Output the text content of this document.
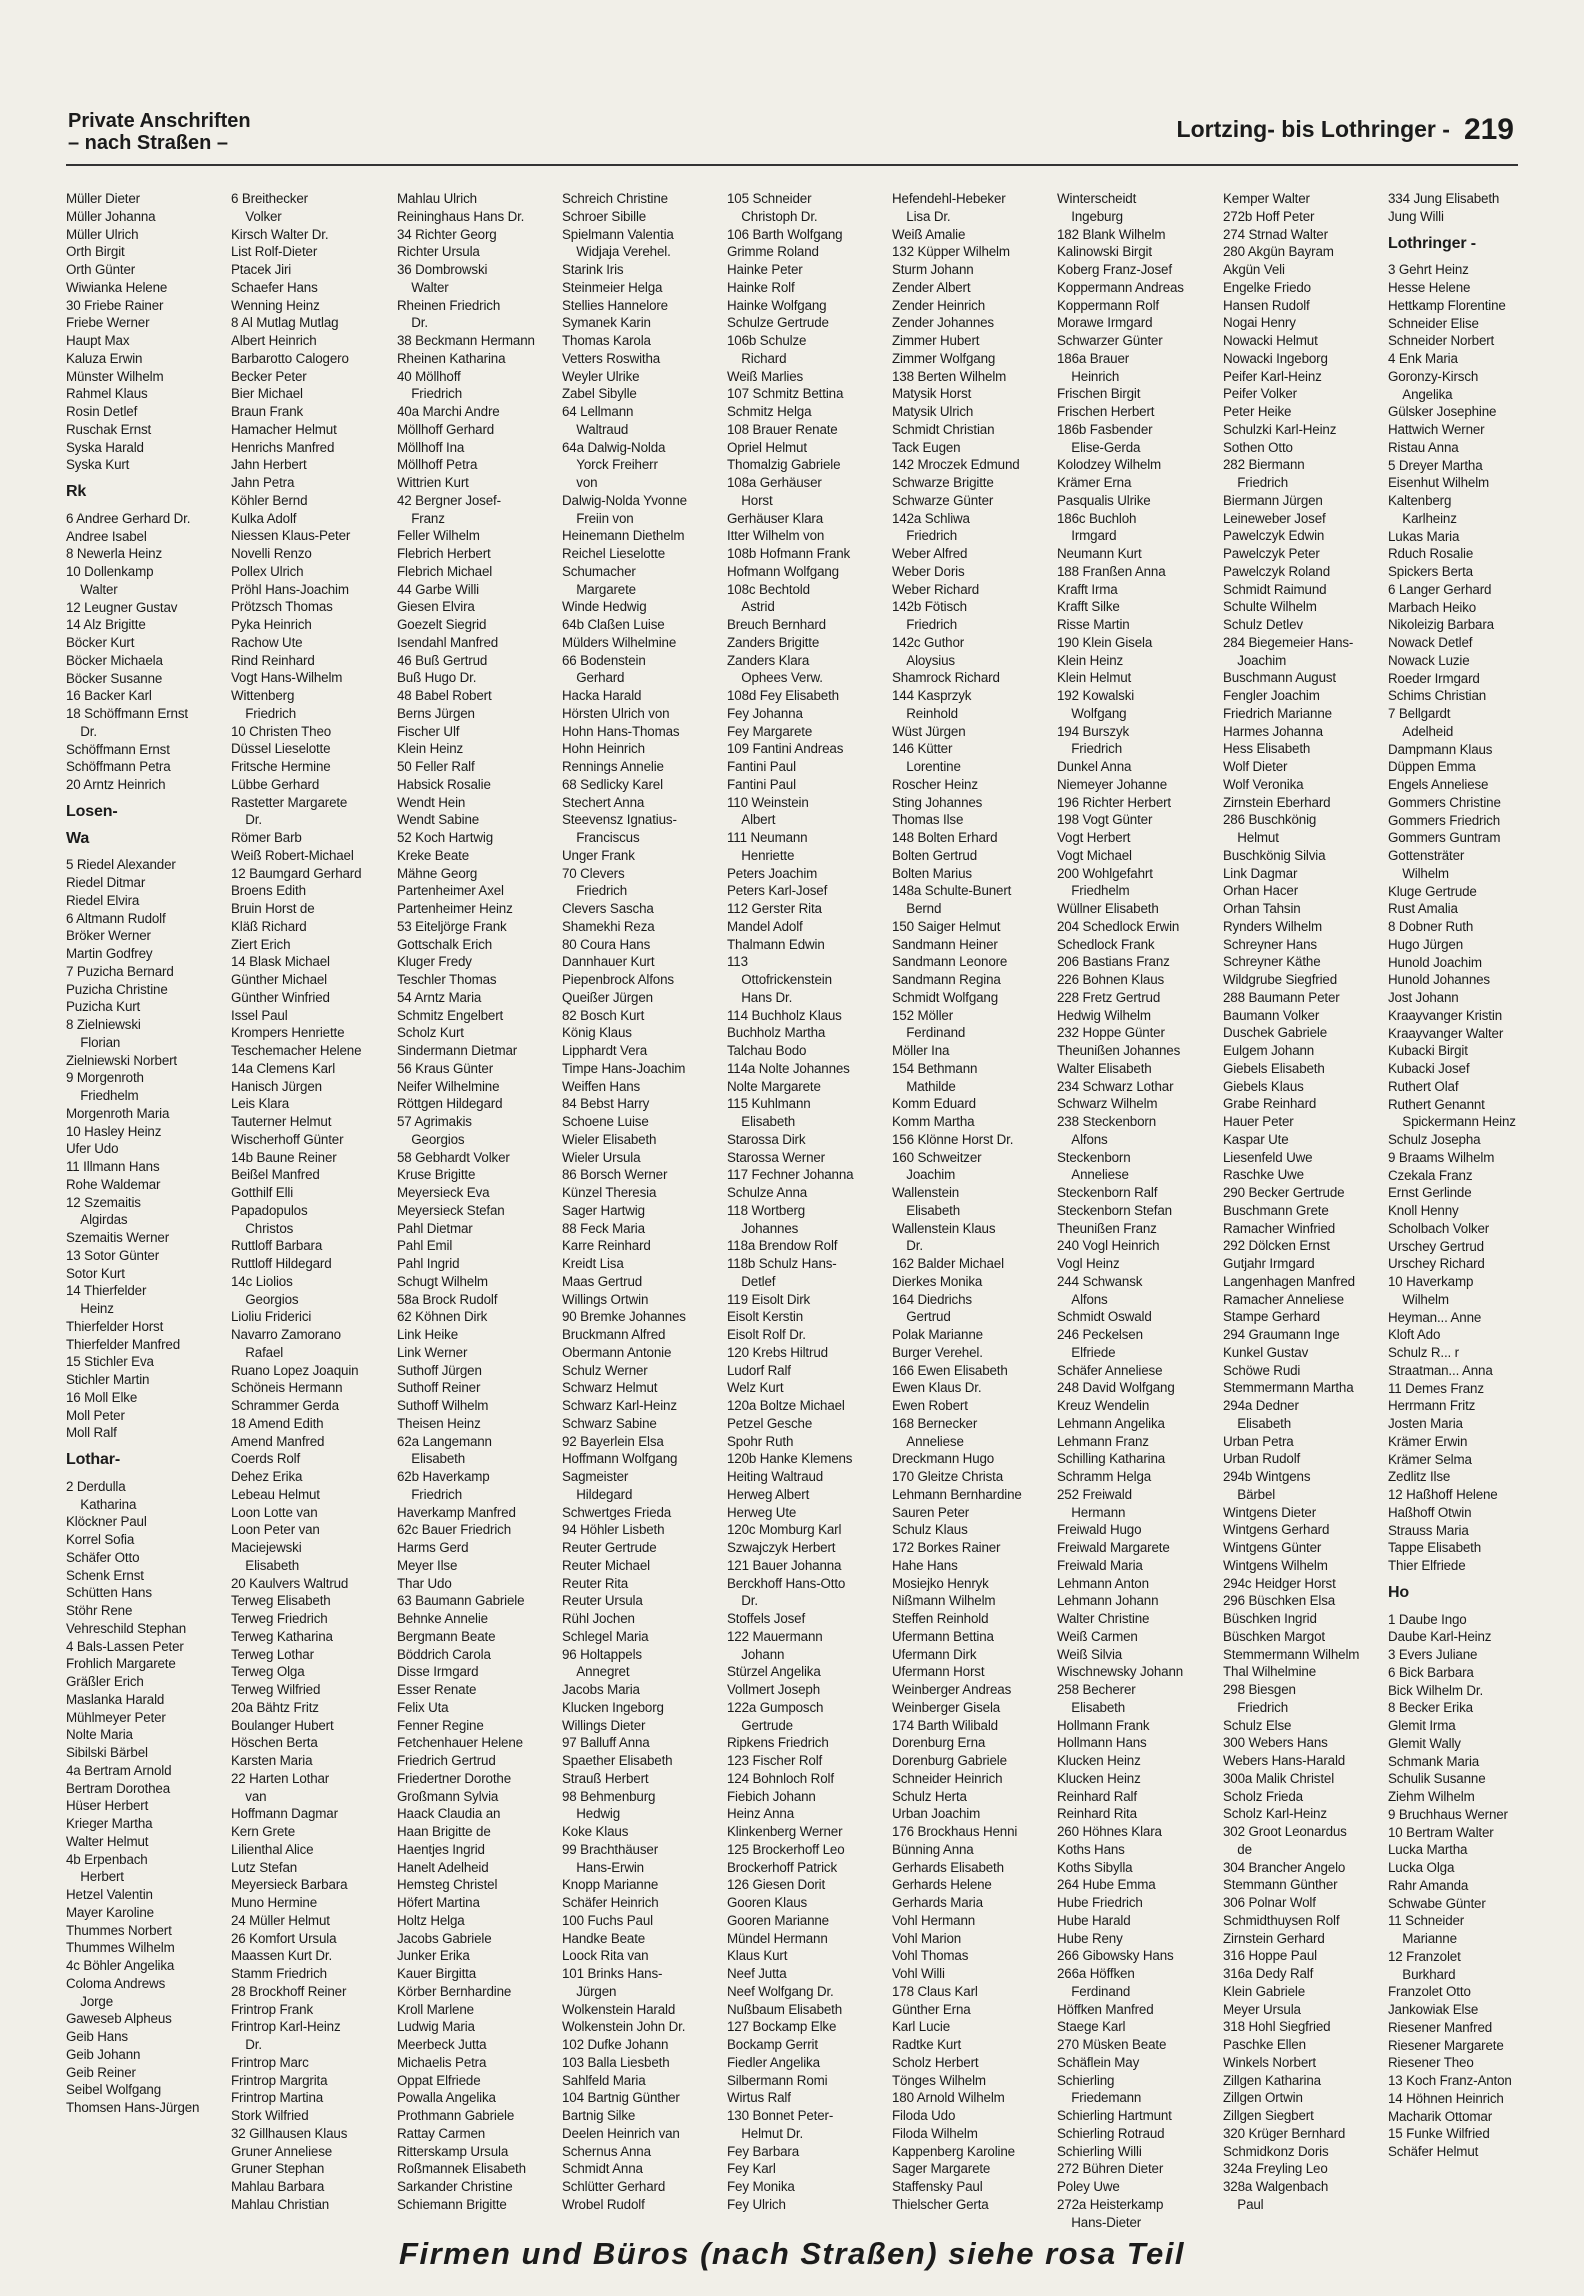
Private Anschriften
– nach Straßen –
Lortzing- bis Lothringer - 219
Müller Dieter
Müller Johanna
Müller Ulrich
Orth Birgit
Orth Günter
Wiwianka Helene
30 Friebe Rainer
Friebe Werner
Haupt Max
Kaluza Erwin
Münster Wilhelm
Rahmel Klaus
Rosin Detlef
Ruschak Ernst
Syska Harald
Syska Kurt
Rk
6 Andree Gerhard Dr.
Andree Isabel
8 Newerla Heinz
10 Dollenkamp
Walter
12 Leugner Gustav
14 Alz Brigitte
Böcker Kurt
Böcker Michaela
Böcker Susanne
16 Backer Karl
18 Schöffmann Ernst
Dr.
Schöffmann Ernst
Schöffmann Petra
20 Arntz Heinrich
Losen-
Wa
5 Riedel Alexander
Riedel Ditmar
Riedel Elvira
6 Altmann Rudolf
Bröker Werner
Martin Godfrey
7 Puzicha Bernard
Puzicha Christine
Puzicha Kurt
8 Zielniewski
Florian
Zielniewski Norbert
9 Morgenroth
Friedhelm
Morgenroth Maria
10 Hasley Heinz
Ufer Udo
11 Illmann Hans
Rohe Waldemar
12 Szemaitis
Algirdas
Szemaitis Werner
13 Sotor Günter
Sotor Kurt
14 Thierfelder
Heinz
Thierfelder Horst
Thierfelder Manfred
15 Stichler Eva
Stichler Martin
16 Moll Elke
Moll Peter
Moll Ralf
Lothar-
2 Derdulla
Katharina
Klöckner Paul
Korrel Sofia
Schäfer Otto
Schenk Ernst
Schütten Hans
Stöhr Rene
Vehreschild Stephan
4 Bals-Lassen Peter
Frohlich Margarete
Gräßler Erich
Maslanka Harald
Mühlmeyer Peter
Nolte Maria
Sibilski Bärbel
4a Bertram Arnold
Bertram Dorothea
Hüser Herbert
Krieger Martha
Walter Helmut
4b Erpenbach
Herbert
Hetzel Valentin
Mayer Karoline
Thummes Norbert
Thummes Wilhelm
4c Böhler Angelika
Coloma Andrews
Jorge
Gaweseb Alpheus
Geib Hans
Geib Johann
Geib Reiner
Seibel Wolfgang
Thomsen Hans-Jürgen
6 Breithecker
Volker
Kirsch Walter Dr.
List Rolf-Dieter
Ptacek Jiri
Schaefer Hans
Wenning Heinz
8 Al Mutlag Mutlag
Albert Heinrich
Barbarotto Calogero
Becker Peter
Bier Michael
Braun Frank
Hamacher Helmut
Henrichs Manfred
Jahn Herbert
Jahn Petra
Köhler Bernd
Kulka Adolf
Niessen Klaus-Peter
Novelli Renzo
Pollex Ulrich
Pröhl Hans-Joachim
Prötzsch Thomas
Pyka Heinrich
Rachow Ute
Rind Reinhard
Vogt Hans-Wilhelm
Wittenberg
Friedrich
10 Christen Theo
Düssel Lieselotte
Fritsche Hermine
Lübbe Gerhard
Rastetter Margarete
Dr.
Römer Barb
Weiß Robert-Michael
12 Baumgard Gerhard
Broens Edith
Bruin Horst de
Kläß Richard
Ziert Erich
14 Blask Michael
Günther Michael
Günther Winfried
Issel Paul
Krompers Henriette
Teschemacher Helene
14a Clemens Karl
Hanisch Jürgen
Leis Klara
Tauterner Helmut
Wischerhoff Günter
14b Baune Reiner
Beißel Manfred
Gotthilf Elli
Papadopulos
Christos
Ruttloff Barbara
Ruttloff Hildegard
14c Liolios
Georgios
Lioliu Friderici
Navarro Zamorano
Rafael
Ruano Lopez Joaquin
Schöneis Hermann
Schrammer Gerda
18 Amend Edith
Amend Manfred
Coerds Rolf
Dehez Erika
Lebeau Helmut
Loon Lotte van
Loon Peter van
Maciejewski
Elisabeth
20 Kaulvers Waltrud
Terweg Elisabeth
Terweg Friedrich
Terweg Katharina
Terweg Lothar
Terweg Olga
Terweg Wilfried
20a Bähtz Fritz
Boulanger Hubert
Höschen Berta
Karsten Maria
22 Harten Lothar
van
Hoffmann Dagmar
Kern Grete
Lilienthal Alice
Lutz Stefan
Meyersieck Barbara
Muno Hermine
24 Müller Helmut
26 Komfort Ursula
Maassen Kurt Dr.
Stamm Friedrich
28 Brockhoff Reiner
Frintrop Frank
Frintrop Karl-Heinz
Dr.
Frintrop Marc
Frintrop Margrita
Frintrop Martina
Stork Wilfried
32 Gillhausen Klaus
Gruner Anneliese
Gruner Stephan
Mahlau Barbara
Mahlau Christian
Mahlau Ulrich
Reininghaus Hans Dr.
34 Richter Georg
Richter Ursula
36 Dombrowski
Walter
Rheinen Friedrich
Dr.
38 Beckmann Hermann
Rheinen Katharina
40 Möllhoff
Friedrich
40a Marchi Andre
Möllhoff Gerhard
Möllhoff Ina
Möllhoff Petra
Wittrien Kurt
42 Bergner Josef-
Franz
Feller Wilhelm
Flebrich Herbert
Flebrich Michael
44 Garbe Willi
Giesen Elvira
Goezelt Siegrid
Isendahl Manfred
46 Buß Gertrud
Buß Hugo Dr.
48 Babel Robert
Berns Jürgen
Fischer Ulf
Klein Heinz
50 Feller Ralf
Habsick Rosalie
Wendt Hein
Wendt Sabine
52 Koch Hartwig
Kreke Beate
Mähne Georg
Partenheimer Axel
Partenheimer Heinz
53 Eiteljörge Frank
Gottschalk Erich
Kluger Fredy
Teschler Thomas
54 Arntz Maria
Schmitz Engelbert
Scholz Kurt
Sindermann Dietmar
56 Kraus Günter
Neifer Wilhelmine
Röttgen Hildegard
57 Agrimakis
Georgios
58 Gebhardt Volker
Kruse Brigitte
Meyersieck Eva
Meyersieck Stefan
Pahl Dietmar
Pahl Emil
Pahl Ingrid
Schugt Wilhelm
58a Brock Rudolf
62 Köhnen Dirk
Link Heike
Link Werner
Suthoff Jürgen
Suthoff Reiner
Suthoff Wilhelm
Theisen Heinz
62a Langemann
Elisabeth
62b Haverkamp
Friedrich
Haverkamp Manfred
62c Bauer Friedrich
Harms Gerd
Meyer Ilse
Thar Udo
63 Baumann Gabriele
Behnke Annelie
Bergmann Beate
Böddrich Carola
Disse Irmgard
Esser Renate
Felix Uta
Fenner Regine
Fetchenhauer Helene
Friedrich Gertrud
Friedertner Dorothe
Großmann Sylvia
Haack Claudia an
Haan Brigitte de
Haentjes Ingrid
Hanelt Adelheid
Hemsteg Christel
Höfert Martina
Holtz Helga
Jacobs Gabriele
Junker Erika
Kauer Birgitta
Körber Bernhardine
Kroll Marlene
Ludwig Maria
Meerbeck Jutta
Michaelis Petra
Oppat Elfriede
Powalla Angelika
Prothmann Gabriele
Rattay Carmen
Ritterskamp Ursula
Roßmannek Elisabeth
Sarkander Christine
Schiemann Brigitte
Schreich Christine
Schroer Sibille
Spielmann Valentia
Widjaja Verehel.
Starink Iris
Steinmeier Helga
Stellies Hannelore
Symanek Karin
Thomas Karola
Vetters Roswitha
Weyler Ulrike
Zabel Sibylle
64 Lellmann
Waltraud
64a Dalwig-Nolda
Yorck Freiherr
von
Dalwig-Nolda Yvonne
Freiin von
Heinemann Diethelm
Reichel Lieselotte
Schumacher
Margarete
Winde Hedwig
64b Claßen Luise
Mülders Wilhelmine
66 Bodenstein
Gerhard
Hacka Harald
Hörsten Ulrich von
Hohn Hans-Thomas
Hohn Heinrich
Rennings Annelie
68 Sedlicky Karel
Stechert Anna
Steevensz Ignatius-
Franciscus
Unger Frank
70 Clevers
Friedrich
Clevers Sascha
Shamekhi Reza
80 Coura Hans
Dannhauer Kurt
Piepenbrock Alfons
Queißer Jürgen
82 Bosch Kurt
König Klaus
Lipphardt Vera
Timpe Hans-Joachim
Weiffen Hans
84 Bebst Harry
Schoene Luise
Wieler Elisabeth
Wieler Ursula
86 Borsch Werner
Künzel Theresia
Sager Hartwig
88 Feck Maria
Karre Reinhard
Kreidt Lisa
Maas Gertrud
Willings Ortwin
90 Bremke Johannes
Bruckmann Alfred
Obermann Antonie
Schulz Werner
Schwarz Helmut
Schwarz Karl-Heinz
Schwarz Sabine
92 Bayerlein Elsa
Hoffmann Wolfgang
Sagmeister
Hildegard
Schwertges Frieda
94 Höhler Lisbeth
Reuter Gertrude
Reuter Michael
Reuter Rita
Reuter Ursula
Rühl Jochen
Schlegel Maria
96 Holtappels
Annegret
Jacobs Maria
Klucken Ingeborg
Willings Dieter
97 Balluff Anna
Spaether Elisabeth
Strauß Herbert
98 Behmenburg
Hedwig
Koke Klaus
99 Brachthäuser
Hans-Erwin
Knopp Marianne
Schäfer Heinrich
100 Fuchs Paul
Handke Beate
Loock Rita van
101 Brinks Hans-
Jürgen
Wolkenstein Harald
Wolkenstein John Dr.
102 Dufke Johann
103 Balla Liesbeth
Sahlfeld Maria
104 Bartnig Günther
Bartnig Silke
Deelen Heinrich van
Schernus Anna
Schmidt Anna
Schlütter Gerhard
Wrobel Rudolf
105 Schneider
Christoph Dr.
106 Barth Wolfgang
Grimme Roland
Hainke Peter
Hainke Rolf
Hainke Wolfgang
Schulze Gertrude
106b Schulze
Richard
Weiß Marlies
107 Schmitz Bettina
Schmitz Helga
108 Brauer Renate
Opriel Helmut
Thomalzig Gabriele
108a Gerhäuser
Horst
Gerhäuser Klara
Itter Wilhelm von
108b Hofmann Frank
Hofmann Wolfgang
108c Bechtold
Astrid
Breuch Bernhard
Zanders Brigitte
Zanders Klara
Ophees Verw.
108d Fey Elisabeth
Fey Johanna
Fey Margarete
109 Fantini Andreas
Fantini Paul
Fantini Paul
110 Weinstein
Albert
111 Neumann
Henriette
Peters Joachim
Peters Karl-Josef
112 Gerster Rita
Mandel Adolf
Thalmann Edwin
113
Ottofrickenstein
Hans Dr.
114 Buchholz Klaus
Buchholz Martha
Talchau Bodo
114a Nolte Johannes
Nolte Margarete
115 Kuhlmann
Elisabeth
Starossa Dirk
Starossa Werner
117 Fechner Johanna
Schulze Anna
118 Wortberg
Johannes
118a Brendow Rolf
118b Schulz Hans-
Detlef
119 Eisolt Dirk
Eisolt Kerstin
Eisolt Rolf Dr.
120 Krebs Hiltrud
Ludorf Ralf
Welz Kurt
120a Boltze Michael
Petzel Gesche
Spohr Ruth
120b Hanke Klemens
Heiting Waltraud
Herweg Albert
Herweg Ute
120c Momburg Karl
Szwajczyk Herbert
121 Bauer Johanna
Berckhoff Hans-Otto
Dr.
Stoffels Josef
122 Mauermann
Johann
Stürzel Angelika
Vollmert Joseph
122a Gumposch
Gertrude
Ripkens Friedrich
123 Fischer Rolf
124 Bohnloch Rolf
Fiebich Johann
Heinz Anna
Klinkenberg Werner
125 Brockerhoff Leo
Brockerhoff Patrick
126 Giesen Dorit
Gooren Klaus
Gooren Marianne
Mündel Hermann
Klaus Kurt
Neef Jutta
Neef Wolfgang Dr.
Nußbaum Elisabeth
127 Bockamp Elke
Bockamp Gerrit
Fiedler Angelika
Silbermann Romi
Wirtus Ralf
130 Bonnet Peter-
Helmut Dr.
Fey Barbara
Fey Karl
Fey Monika
Fey Ulrich
Hefendehl-Hebeker
Lisa Dr.
Weiß Amalie
132 Küpper Wilhelm
Sturm Johann
Zender Albert
Zender Heinrich
Zender Johannes
Zimmer Hubert
Zimmer Wolfgang
138 Berten Wilhelm
Matysik Horst
Matysik Ulrich
Schmidt Christian
Tack Eugen
142 Mroczek Edmund
Schwarze Brigitte
Schwarze Günter
142a Schliwa
Friedrich
Weber Alfred
Weber Doris
Weber Richard
142b Fötisch
Friedrich
142c Guthor
Aloysius
Shamrock Richard
144 Kasprzyk
Reinhold
Wüst Jürgen
146 Kütter
Lorentine
Roscher Heinz
Sting Johannes
Thomas Ilse
148 Bolten Erhard
Bolten Gertrud
Bolten Marius
148a Schulte-Bunert
Bernd
150 Saiger Helmut
Sandmann Heiner
Sandmann Leonore
Sandmann Regina
Schmidt Wolfgang
152 Möller
Ferdinand
Möller Ina
154 Bethmann
Mathilde
Komm Eduard
Komm Martha
156 Klönne Horst Dr.
160 Schweitzer
Joachim
Wallenstein
Elisabeth
Wallenstein Klaus
Dr.
162 Balder Michael
Dierkes Monika
164 Diedrichs
Gertrud
Polak Marianne
Burger Verehel.
166 Ewen Elisabeth
Ewen Klaus Dr.
Ewen Robert
168 Bernecker
Anneliese
Dreckmann Hugo
170 Gleitze Christa
Lehmann Bernhardine
Sauren Peter
Schulz Klaus
172 Borkes Rainer
Hahe Hans
Mosiejko Henryk
Nißmann Wilhelm
Steffen Reinhold
Ufermann Bettina
Ufermann Dirk
Ufermann Horst
Weinberger Andreas
Weinberger Gisela
174 Barth Wilibald
Dorenburg Erna
Dorenburg Gabriele
Schneider Heinrich
Schulz Herta
Urban Joachim
176 Brockhaus Henni
Bünning Anna
Gerhards Elisabeth
Gerhards Helene
Gerhards Maria
Vohl Hermann
Vohl Marion
Vohl Thomas
Vohl Willi
178 Claus Karl
Günther Erna
Karl Lucie
Radtke Kurt
Scholz Herbert
Tönges Wilhelm
180 Arnold Wilhelm
Filoda Udo
Filoda Wilhelm
Kappenberg Karoline
Sager Margarete
Staffensky Paul
Thielscher Gerta
Winterscheidt
Ingeburg
182 Blank Wilhelm
Kalinowski Birgit
Koberg Franz-Josef
Koppermann Andreas
Koppermann Rolf
Morawe Irmgard
Schwarzer Günter
186a Brauer
Heinrich
Frischen Birgit
Frischen Herbert
186b Fasbender
Elise-Gerda
Kolodzey Wilhelm
Krämer Erna
Pasqualis Ulrike
186c Buchloh
Irmgard
Neumann Kurt
188 Franßen Anna
Krafft Irma
Krafft Silke
Risse Martin
190 Klein Gisela
Klein Heinz
Klein Helmut
192 Kowalski
Wolfgang
194 Burszyk
Friedrich
Dunkel Anna
Niemeyer Johanne
196 Richter Herbert
198 Vogt Günter
Vogt Herbert
Vogt Michael
200 Wohlgefahrt
Friedhelm
Wüllner Elisabeth
204 Schedlock Erwin
Schedlock Frank
206 Bastians Franz
226 Bohnen Klaus
228 Fretz Gertrud
Hedwig Wilhelm
232 Hoppe Günter
Theunißen Johannes
Walter Elisabeth
234 Schwarz Lothar
Schwarz Wilhelm
238 Steckenborn
Alfons
Steckenborn
Anneliese
Steckenborn Ralf
Steckenborn Stefan
Theunißen Franz
240 Vogl Heinrich
Vogl Heinz
244 Schwansk
Alfons
Schmidt Oswald
246 Peckelsen
Elfriede
Schäfer Anneliese
248 David Wolfgang
Kreuz Wendelin
Lehmann Angelika
Lehmann Franz
Schilling Katharina
Schramm Helga
252 Freiwald
Hermann
Freiwald Hugo
Freiwald Margarete
Freiwald Maria
Lehmann Anton
Lehmann Johann
Walter Christine
Weiß Carmen
Weiß Silvia
Wischnewsky Johann
258 Becherer
Elisabeth
Hollmann Frank
Hollmann Hans
Klucken Heinz
Klucken Heinz
Reinhard Ralf
Reinhard Rita
260 Höhnes Klara
Koths Hans
Koths Sibylla
264 Hube Emma
Hube Friedrich
Hube Harald
Hube Reny
266 Gibowsky Hans
266a Höffken
Ferdinand
Höffken Manfred
Staege Karl
270 Müsken Beate
Schäflein May
Schierling
Friedemann
Schierling Hartmunt
Schierling Rotraud
Schierling Willi
272 Bühren Dieter
Poley Uwe
272a Heisterkamp
Hans-Dieter
Kemper Walter
272b Hoff Peter
274 Strnad Walter
280 Akgün Bayram
Akgün Veli
Engelke Friedo
Hansen Rudolf
Nogai Henry
Nowacki Helmut
Nowacki Ingeborg
Peifer Karl-Heinz
Peifer Volker
Peter Heike
Schulzki Karl-Heinz
Sothen Otto
282 Biermann
Friedrich
Biermann Jürgen
Leineweber Josef
Pawelczyk Edwin
Pawelczyk Peter
Pawelczyk Roland
Schmidt Raimund
Schulte Wilhelm
Schulz Detlev
284 Biegemeier Hans-
Joachim
Buschmann August
Fengler Joachim
Friedrich Marianne
Harmes Johanna
Hess Elisabeth
Wolf Dieter
Wolf Veronika
Zirnstein Eberhard
286 Buschkönig
Helmut
Buschkönig Silvia
Link Dagmar
Orhan Hacer
Orhan Tahsin
Rynders Wilhelm
Schreyner Hans
Schreyner Käthe
Wildgrube Siegfried
288 Baumann Peter
Baumann Volker
Duschek Gabriele
Eulgem Johann
Giebels Elisabeth
Giebels Klaus
Grabe Reinhard
Hauer Peter
Kaspar Ute
Liesenfeld Uwe
Raschke Uwe
290 Becker Gertrude
Buschmann Grete
Ramacher Winfried
292 Dölcken Ernst
Gutjahr Irmgard
Langenhagen Manfred
Ramacher Anneliese
Stampe Gerhard
294 Graumann Inge
Kunkel Gustav
Schöwe Rudi
Stemmermann Martha
294a Dedner
Elisabeth
Urban Petra
Urban Rudolf
294b Wintgens
Bärbel
Wintgens Dieter
Wintgens Gerhard
Wintgens Günter
Wintgens Wilhelm
294c Heidger Horst
296 Büschken Elsa
Büschken Ingrid
Büschken Margot
Stemmermann Wilhelm
Thal Wilhelmine
298 Biesgen
Friedrich
Schulz Else
300 Webers Hans
Webers Hans-Harald
300a Malik Christel
Scholz Frieda
Scholz Karl-Heinz
302 Groot Leonardus
de
304 Brancher Angelo
Stemmann Günther
306 Polnar Wolf
Schmidthuysen Rolf
Zirnstein Gerhard
316 Hoppe Paul
316a Dedy Ralf
Klein Gabriele
Meyer Ursula
318 Hohl Siegfried
Paschke Ellen
Winkels Norbert
Zillgen Katharina
Zillgen Ortwin
Zillgen Siegbert
320 Krüger Bernhard
Schmidkonz Doris
324a Freyling Leo
328a Walgenbach
Paul
334 Jung Elisabeth
Jung Willi
Lothringer -
3 Gehrt Heinz
Hesse Helene
Hettkamp Florentine
Schneider Elise
Schneider Norbert
4 Enk Maria
Goronzy-Kirsch
Angelika
Gülsker Josephine
Hattwich Werner
Ristau Anna
5 Dreyer Martha
Eisenhut Wilhelm
Kaltenberg
Karlheinz
Lukas Maria
Rduch Rosalie
Spickers Berta
6 Langer Gerhard
Marbach Heiko
Nikoleizig Barbara
Nowack Detlef
Nowack Luzie
Roeder Irmgard
Schims Christian
7 Bellgardt
Adelheid
Dampmann Klaus
Düppen Emma
Engels Anneliese
Gommers Christine
Gommers Friedrich
Gommers Guntram
Gottensträter
Wilhelm
Kluge Gertrude
Rust Amalia
8 Dobner Ruth
Hugo Jürgen
Hunold Joachim
Hunold Johannes
Jost Johann
Kraayvanger Kristin
Kraayvanger Walter
Kubacki Birgit
Kubacki Josef
Ruthert Olaf
Ruthert Genannt
Spickermann Heinz
Schulz Josepha
9 Braams Wilhelm
Czekala Franz
Ernst Gerlinde
Knoll Henny
Scholbach Volker
Urschey Gertrud
Urschey Richard
10 Haverkamp
Wilhelm
Heyman... Anne
Kloft Ado
Schulz R... r
Straatman... Anna
11 Demes Franz
Herrmann Fritz
Josten Maria
Krämer Erwin
Krämer Selma
Zedlitz Ilse
12 Haßhoff Helene
Haßhoff Otwin
Strauss Maria
Tappe Elisabeth
Thier Elfriede
Ho
1 Daube Ingo
Daube Karl-Heinz
3 Evers Juliane
6 Bick Barbara
Bick Wilhelm Dr.
8 Becker Erika
Glemit Irma
Glemit Wally
Schmank Maria
Schulik Susanne
Ziehm Wilhelm
9 Bruchhaus Werner
10 Bertram Walter
Lucka Martha
Lucka Olga
Rahr Amanda
Schwabe Günter
11 Schneider
Marianne
12 Franzolet
Burkhard
Franzolet Otto
Jankowiak Else
Riesener Manfred
Riesener Margarete
Riesener Theo
13 Koch Franz-Anton
14 Höhnen Heinrich
Macharik Ottomar
15 Funke Wilfried
Schäfer Helmut
Firmen und Büros (nach Straßen) siehe rosa Teil
